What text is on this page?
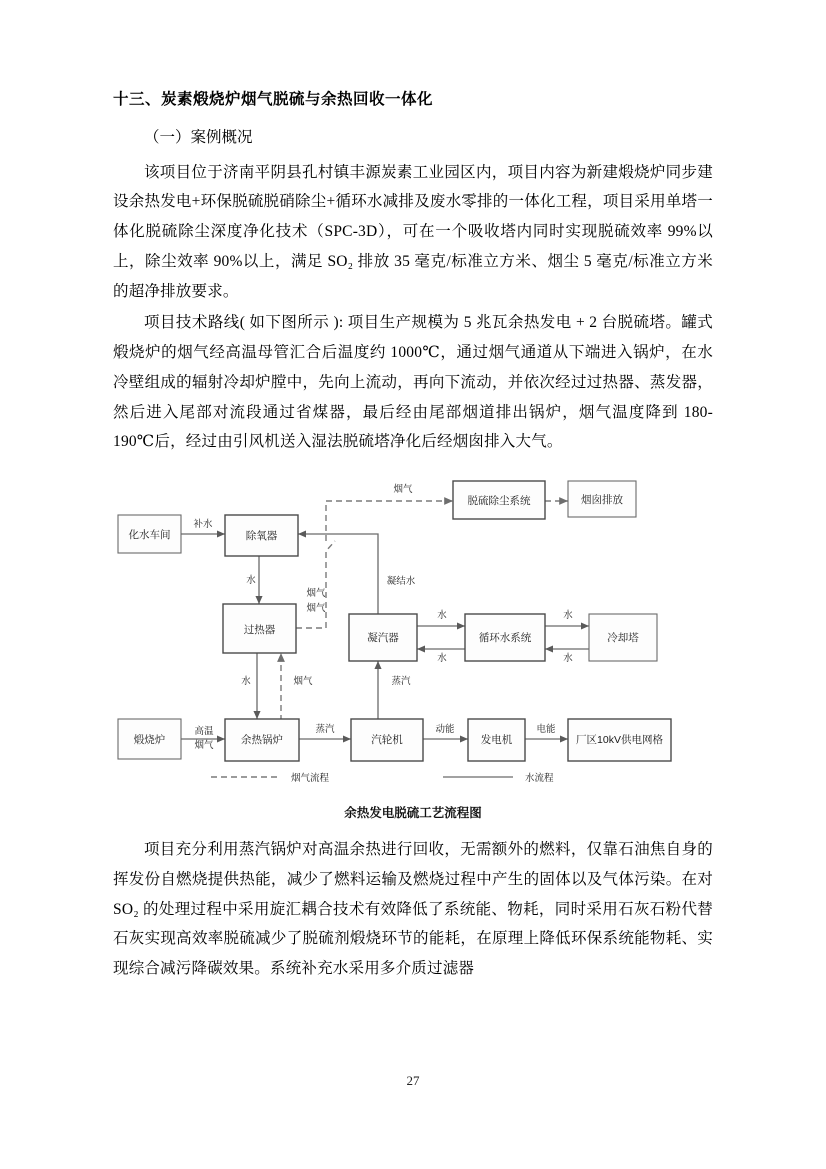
十三、炭素煅烧炉烟气脱硫与余热回收一体化
（一）案例概况

该项目位于济南平阴县孔村镇丰源炭素工业园区内，项目内容为新建煅烧炉同步建设余热发电+环保脱硫脱硝除尘+循环水减排及废水零排的一体化工程，项目采用单塔一体化脱硫除尘深度净化技术（SPC-3D），可在一个吸收塔内同时实现脱硫效率 99%以上，除尘效率 90%以上，满足 SO₂ 排放 35 毫克/标准立方米、烟尘 5 毫克/标准立方米的超净排放要求。

项目技术路线( 如下图所示 ): 项目生产规模为 5 兆瓦余热发电 + 2 台脱硫塔。罐式煅烧炉的烟气经高温母管汇合后温度约 1000℃，通过烟气通道从下端进入锅炉，在水冷壁组成的辐射冷却炉膛中，先向上流动，再向下流动，并依次经过过热器、蒸发器，然后进入尾部对流段通过省煤器，最后经由尾部烟道排出锅炉，烟气温度降到 180-190℃后，经过由引风机送入湿法脱硫塔净化后经烟囱排入大气。

化水车间	除氧器
过热器
脱硫除尘系统	烟囱排放
凝汽器	循环水系统	冷却塔
煅烧炉	余热锅炉	汽轮机	发电机	厂区10kV供电网格
补水
水
烟气
烟气
烟气
凝结水
水
水
水
水
水	烟气	蒸汽
高温
烟气
蒸汽	动能	电能
烟气流程	水流程
余热发电脱硫工艺流程图

项目充分利用蒸汽锅炉对高温余热进行回收，无需额外的燃料，仅靠石油焦自身的挥发份自燃烧提供热能，减少了燃料运输及燃烧过程中产生的固体以及气体污染。在对 SO₂ 的处理过程中采用旋汇耦合技术有效降低了系统能、物耗，同时采用石灰石粉代替石灰实现高效率脱硫减少了脱硫剂煅烧环节的能耗，在原理上降低环保系统能物耗、实现综合减污降碳效果。系统补充水采用多介质过滤器

27
